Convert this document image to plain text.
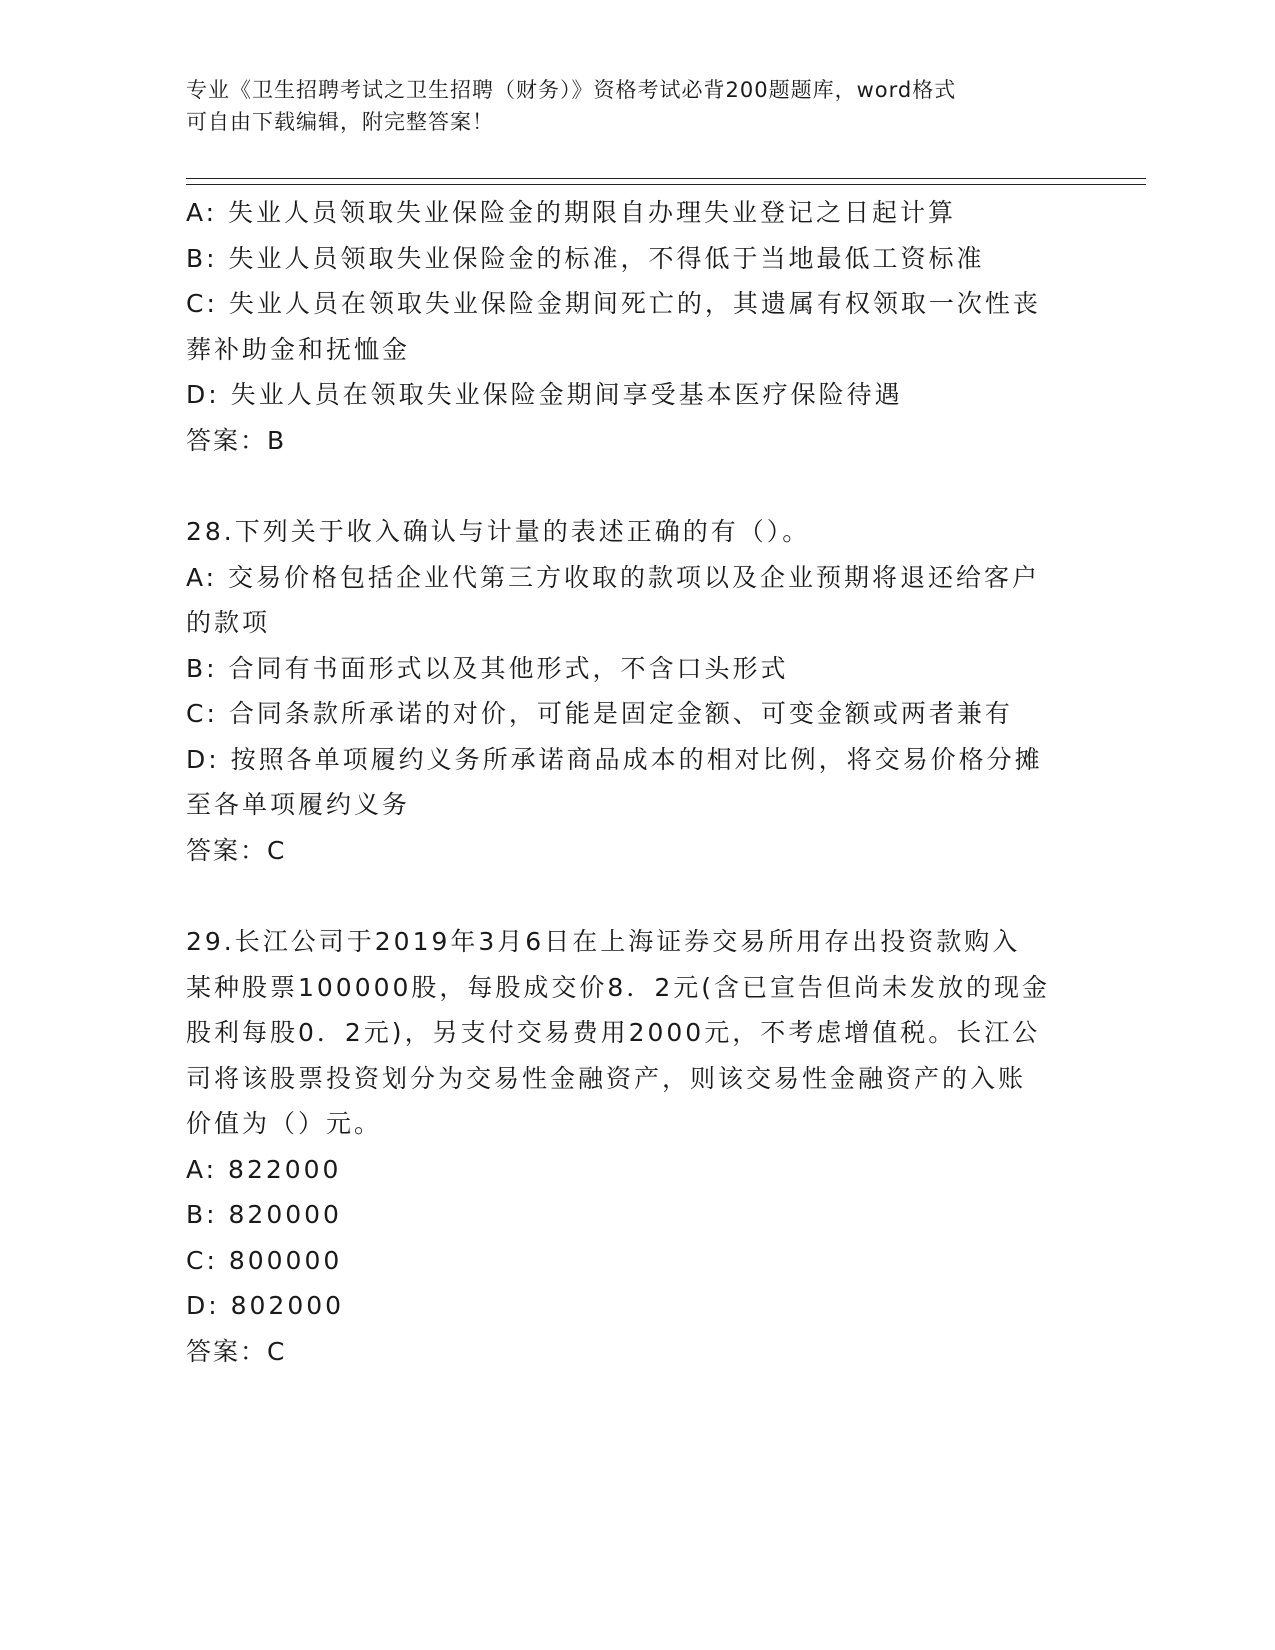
专业《卫生招聘考试之卫生招聘（财务）》资格考试必背200题题库，word格式
可自由下载编辑，附完整答案！
A: 失业人员领取失业保险金的期限自办理失业登记之日起计算
B: 失业人员领取失业保险金的标准，不得低于当地最低工资标准
C: 失业人员在领取失业保险金期间死亡的，其遗属有权领取一次性丧
葬补助金和抚恤金
D: 失业人员在领取失业保险金期间享受基本医疗保险待遇
答案：B
28.下列关于收入确认与计量的表述正确的有（）。
A: 交易价格包括企业代第三方收取的款项以及企业预期将退还给客户
的款项
B: 合同有书面形式以及其他形式，不含口头形式
C: 合同条款所承诺的对价，可能是固定金额、可变金额或两者兼有
D: 按照各单项履约义务所承诺商品成本的相对比例，将交易价格分摊
至各单项履约义务
答案：C
29.长江公司于2019年3月6日在上海证券交易所用存出投资款购入
某种股票100000股，每股成交价8．2元(含已宣告但尚未发放的现金
股利每股0．2元)，另支付交易费用2000元，不考虑增值税。长江公
司将该股票投资划分为交易性金融资产，则该交易性金融资产的入账
价值为（）元。
A: 822000
B: 820000
C: 800000
D: 802000
答案：C
